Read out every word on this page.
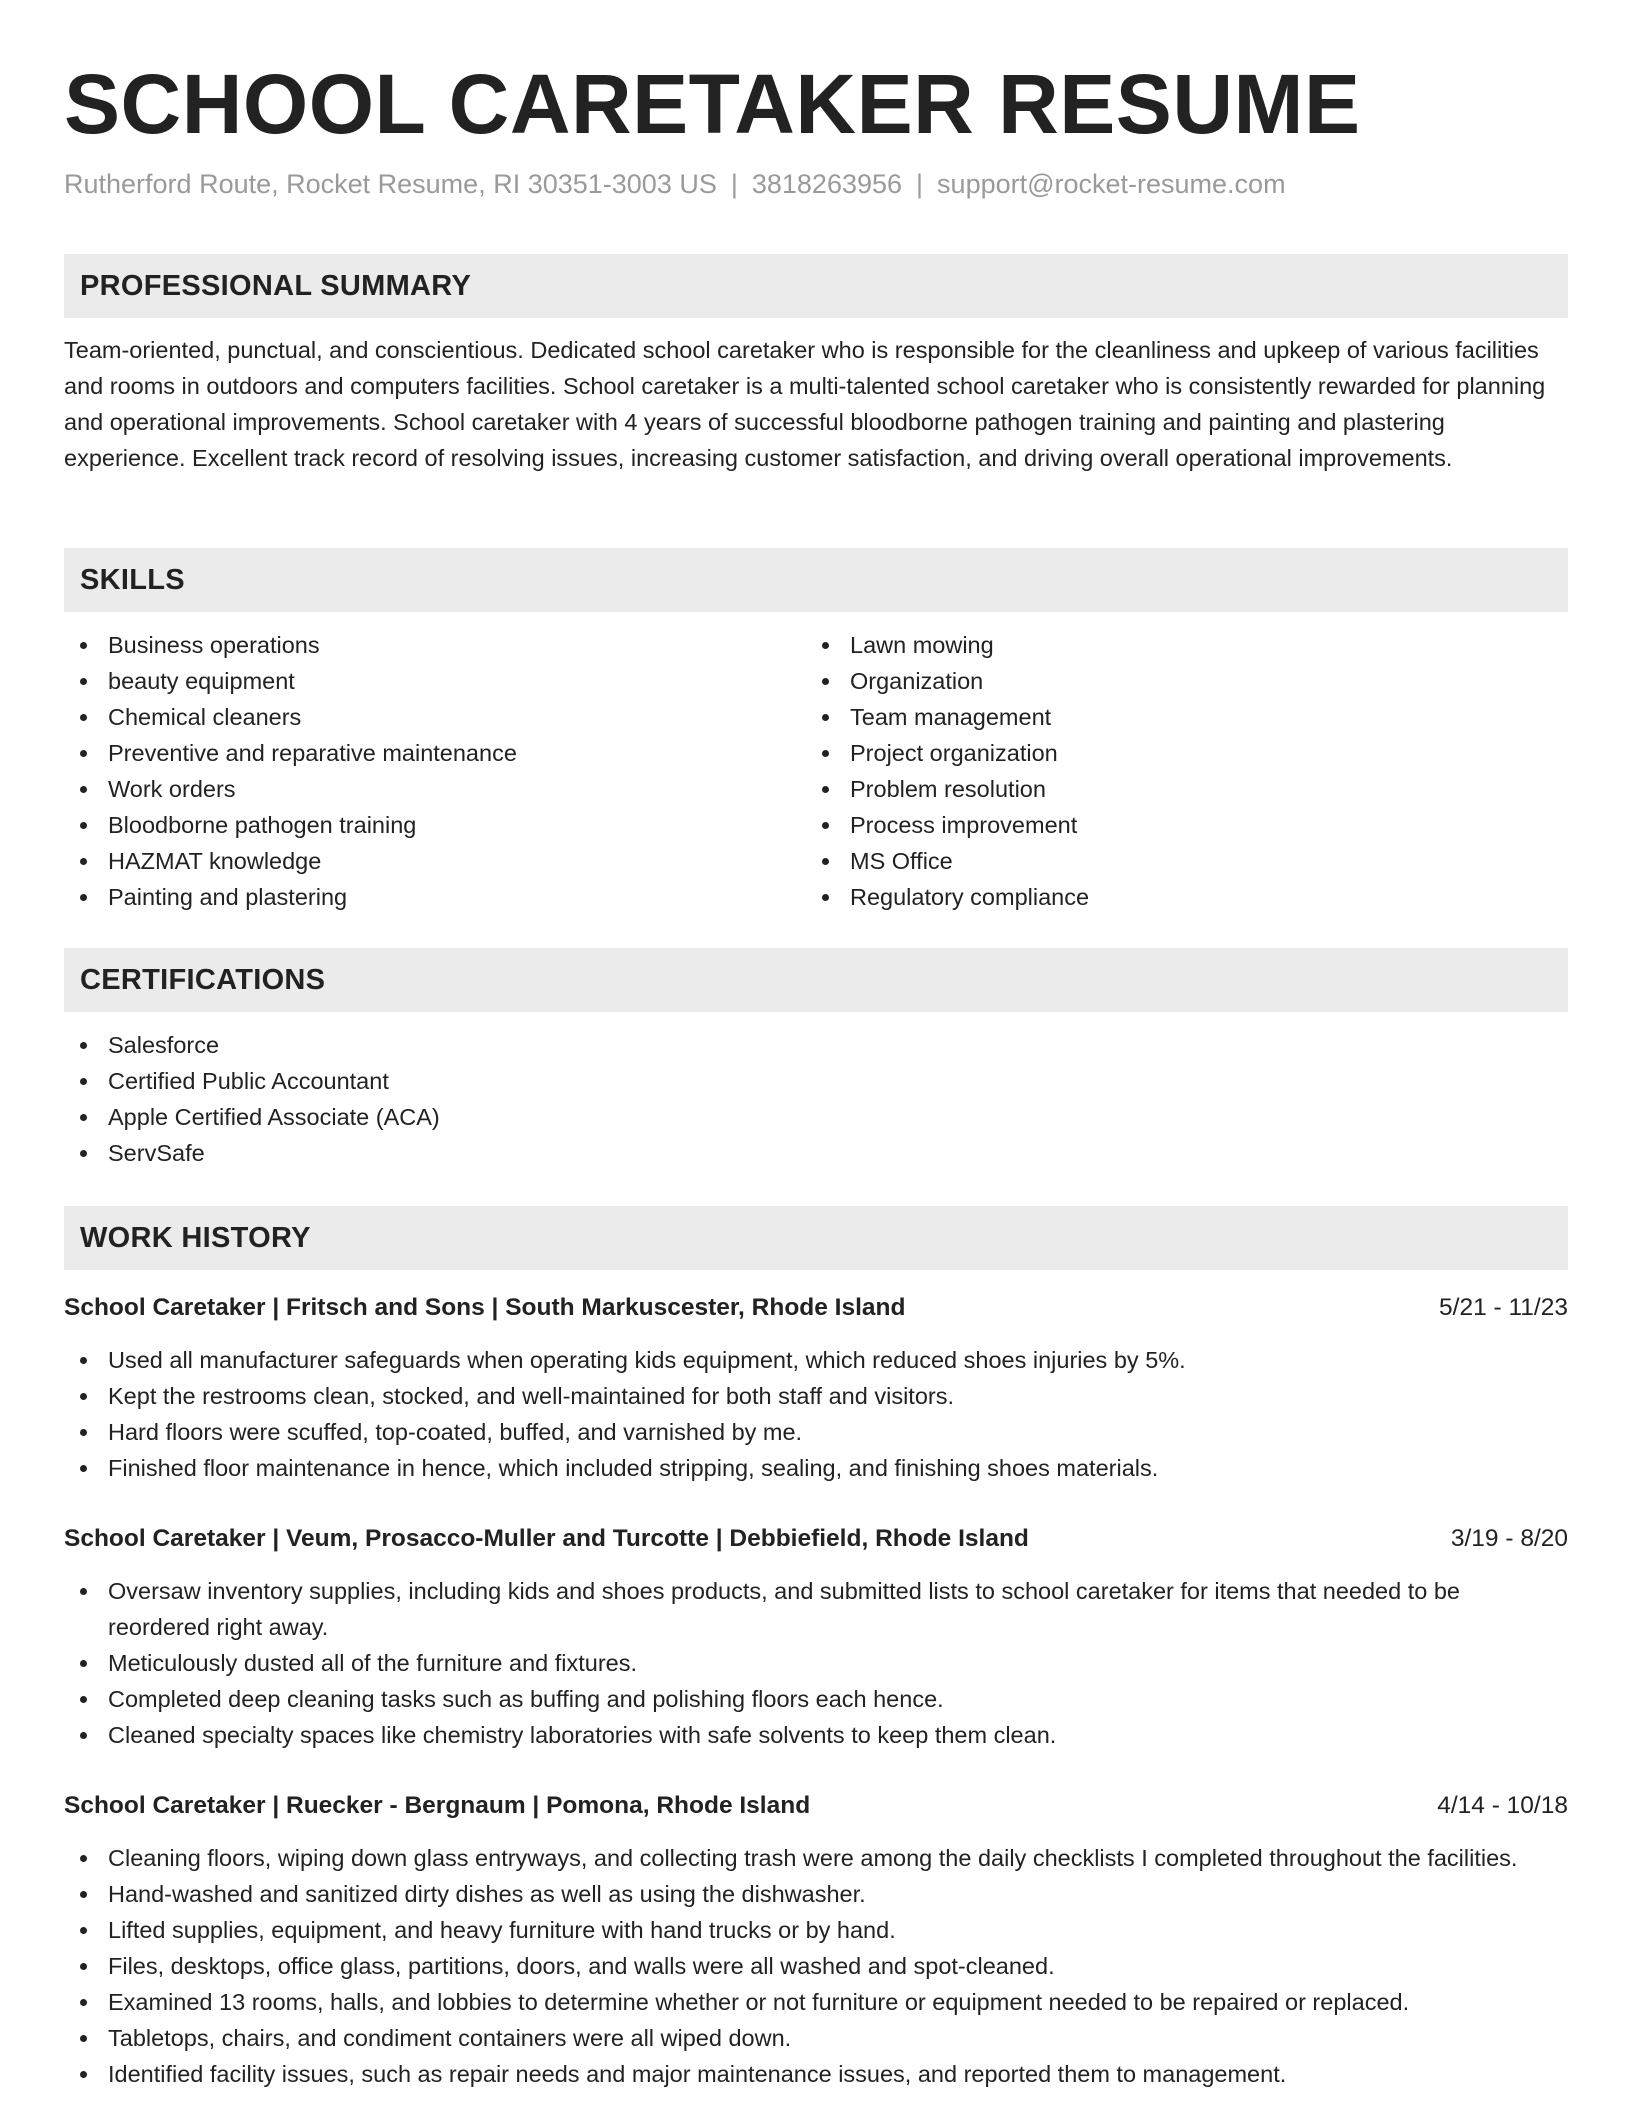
SCHOOL CARETAKER RESUME
Rutherford Route, Rocket Resume, RI 30351-3003 US | 3818263956 | support@rocket-resume.com
PROFESSIONAL SUMMARY

Team-oriented, punctual, and conscientious. Dedicated school caretaker who is responsible for the cleanliness and upkeep of various facilities and rooms in outdoors and computers facilities. School caretaker is a multi-talented school caretaker who is consistently rewarded for planning and operational improvements. School caretaker with 4 years of successful bloodborne pathogen training and painting and plastering experience. Excellent track record of resolving issues, increasing customer satisfaction, and driving overall operational improvements.

SKILLS
Business operations
beauty equipment
Chemical cleaners
Preventive and reparative maintenance
Work orders
Bloodborne pathogen training
HAZMAT knowledge
Painting and plastering
Lawn mowing
Organization
Team management
Project organization
Problem resolution
Process improvement
MS Office
Regulatory compliance
CERTIFICATIONS
Salesforce
Certified Public Accountant
Apple Certified Associate (ACA)
ServSafe
WORK HISTORY
School Caretaker | Fritsch and Sons | South Markuscester, Rhode Island	5/21 - 11/23
Used all manufacturer safeguards when operating kids equipment, which reduced shoes injuries by 5%.
Kept the restrooms clean, stocked, and well-maintained for both staff and visitors.
Hard floors were scuffed, top-coated, buffed, and varnished by me.
Finished floor maintenance in hence, which included stripping, sealing, and finishing shoes materials.
School Caretaker | Veum, Prosacco-Muller and Turcotte | Debbiefield, Rhode Island	3/19 - 8/20
Oversaw inventory supplies, including kids and shoes products, and submitted lists to school caretaker for items that needed to be reordered right away.
Meticulously dusted all of the furniture and fixtures.
Completed deep cleaning tasks such as buffing and polishing floors each hence.
Cleaned specialty spaces like chemistry laboratories with safe solvents to keep them clean.
School Caretaker | Ruecker - Bergnaum | Pomona, Rhode Island	4/14 - 10/18
Cleaning floors, wiping down glass entryways, and collecting trash were among the daily checklists I completed throughout the facilities.
Hand-washed and sanitized dirty dishes as well as using the dishwasher.
Lifted supplies, equipment, and heavy furniture with hand trucks or by hand.
Files, desktops, office glass, partitions, doors, and walls were all washed and spot-cleaned.
Examined 13 rooms, halls, and lobbies to determine whether or not furniture or equipment needed to be repaired or replaced.
Tabletops, chairs, and condiment containers were all wiped down.
Identified facility issues, such as repair needs and major maintenance issues, and reported them to management.
